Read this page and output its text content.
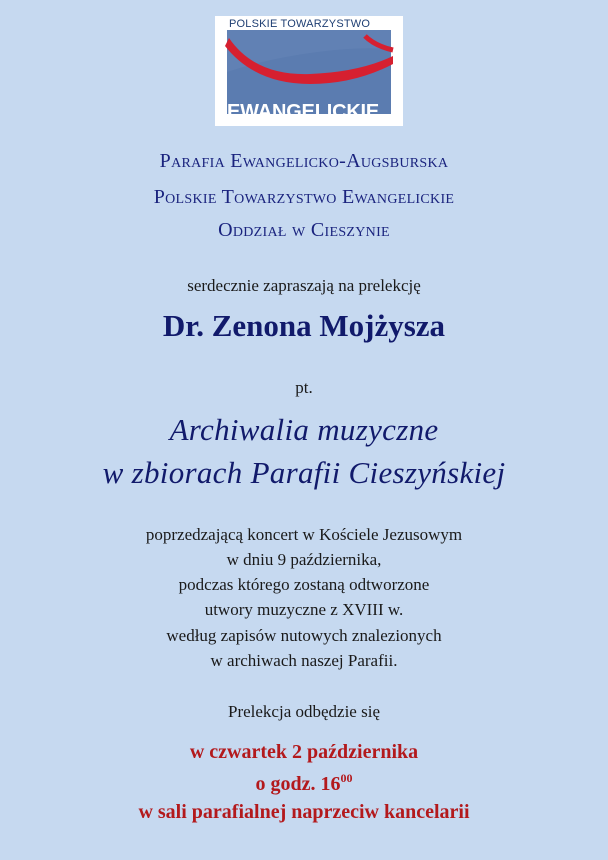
POLSKIE TOWARZYSTWO
EWANGELICKIE
Parafia Ewangelicko-Augsburska
Polskie Towarzystwo Ewangelickie
Oddział w Cieszynie
serdecznie zapraszają na prelekcję
Dr. Zenona Mojżysza
pt.
Archiwalia muzyczne
w zbiorach Parafii Cieszyńskiej
poprzedzającą koncert w Kościele Jezusowym
w dniu 9 października,
podczas którego zostaną odtworzone
utwory muzyczne z XVIII w.
według zapisów nutowych znalezionych
w archiwach naszej Parafii.
Prelekcja odbędzie się
w czwartek 2 października
o godz. $16^{00}$
w sali parafialnej naprzeciw kancelarii
